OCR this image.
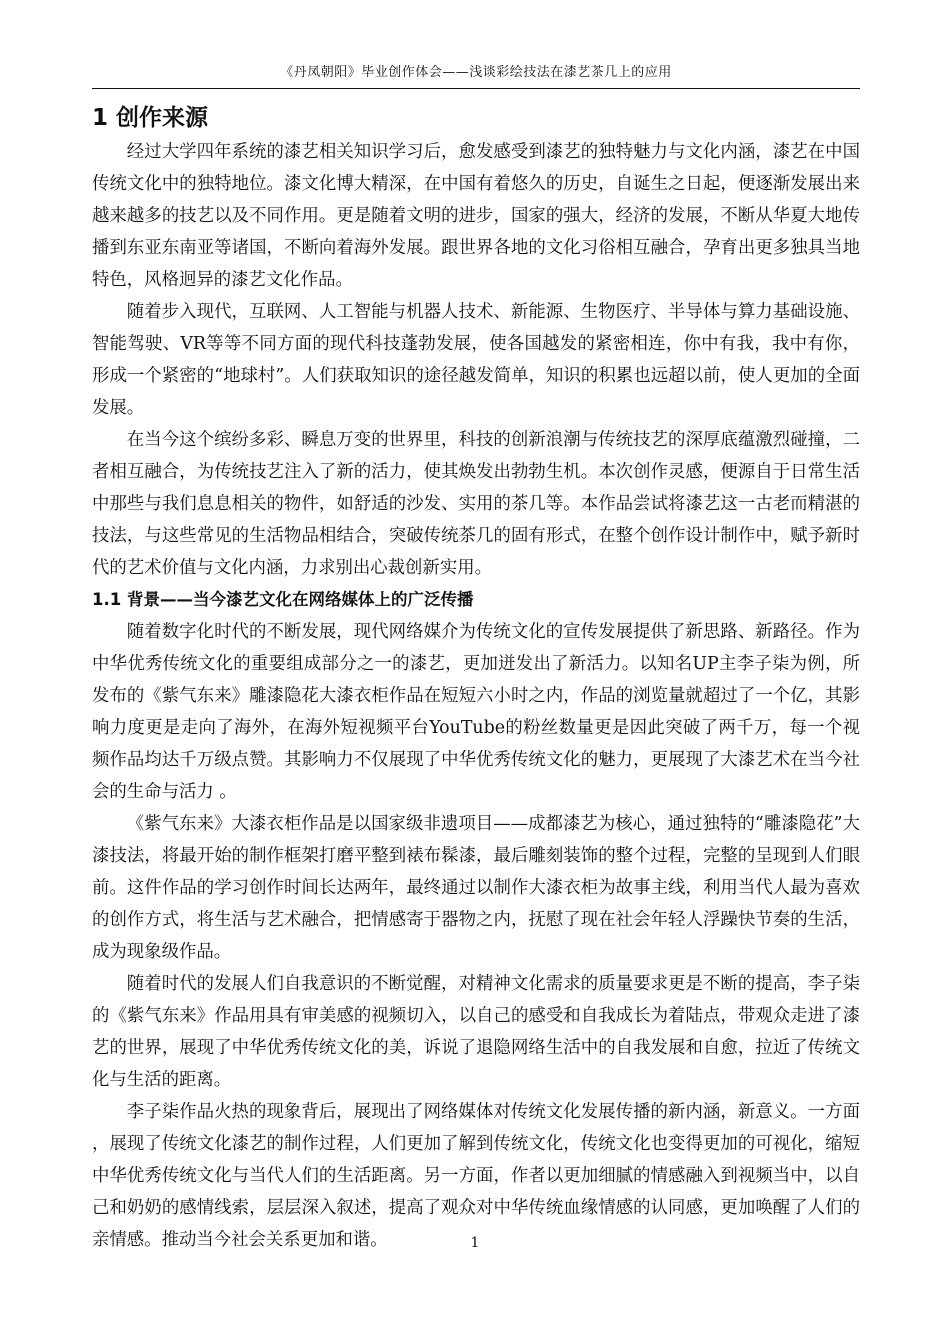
《丹凤朝阳》毕业创作体会——浅谈彩绘技法在漆艺茶几上的应用
1 创作来源

经过大学四年系统的漆艺相关知识学习后，愈发感受到漆艺的独特魅力与文化内涵，漆艺在中国传统文化中的独特地位。漆文化博大精深，在中国有着悠久的历史，自诞生之日起，便逐渐发展出来越来越多的技艺以及不同作用。更是随着文明的进步，国家的强大，经济的发展，不断从华夏大地传播到东亚东南亚等诸国，不断向着海外发展。跟世界各地的文化习俗相互融合，孕育出更多独具当地特色，风格迥异的漆艺文化作品。

随着步入现代，互联网、人工智能与机器人技术、新能源、生物医疗、半导体与算力基础设施、智能驾驶、VR等等不同方面的现代科技蓬勃发展，使各国越发的紧密相连，你中有我，我中有你，形成一个紧密的“地球村”。人们获取知识的途径越发简单，知识的积累也远超以前，使人更加的全面发展。

在当今这个缤纷多彩、瞬息万变的世界里，科技的创新浪潮与传统技艺的深厚底蕴激烈碰撞，二者相互融合，为传统技艺注入了新的活力，使其焕发出勃勃生机。本次创作灵感，便源自于日常生活中那些与我们息息相关的物件，如舒适的沙发、实用的茶几等。本作品尝试将漆艺这一古老而精湛的技法，与这些常见的生活物品相结合，突破传统茶几的固有形式，在整个创作设计制作中，赋予新时代的艺术价值与文化内涵，力求别出心裁创新实用。

1.1 背景——当今漆艺文化在网络媒体上的广泛传播

随着数字化时代的不断发展，现代网络媒介为传统文化的宣传发展提供了新思路、新路径。作为中华优秀传统文化的重要组成部分之一的漆艺，更加迸发出了新活力。以知名UP主李子柒为例，所发布的《紫气东来》雕漆隐花大漆衣柜作品在短短六小时之内，作品的浏览量就超过了一个亿，其影响力度更是走向了海外，在海外短视频平台YouTube的粉丝数量更是因此突破了两千万，每一个视频作品均达千万级点赞。其影响力不仅展现了中华优秀传统文化的魅力，更展现了大漆艺术在当今社会的生命与活力 。

《紫气东来》大漆衣柜作品是以国家级非遗项目——成都漆艺为核心，通过独特的“雕漆隐花”大漆技法，将最开始的制作框架打磨平整到裱布髹漆，最后雕刻装饰的整个过程，完整的呈现到人们眼前。这件作品的学习创作时间长达两年，最终通过以制作大漆衣柜为故事主线，利用当代人最为喜欢的创作方式，将生活与艺术融合，把情感寄于器物之内，抚慰了现在社会年轻人浮躁快节奏的生活，成为现象级作品。

随着时代的发展人们自我意识的不断觉醒，对精神文化需求的质量要求更是不断的提高，李子柒的《紫气东来》作品用具有审美感的视频切入，以自己的感受和自我成长为着陆点，带观众走进了漆艺的世界，展现了中华优秀传统文化的美，诉说了退隐网络生活中的自我发展和自愈，拉近了传统文化与生活的距离。

李子柒作品火热的现象背后，展现出了网络媒体对传统文化发展传播的新内涵，新意义。一方面 ，展现了传统文化漆艺的制作过程，人们更加了解到传统文化，传统文化也变得更加的可视化，缩短中华优秀传统文化与当代人们的生活距离。另一方面，作者以更加细腻的情感融入到视频当中，以自己和奶奶的感情线索，层层深入叙述，提高了观众对中华传统血缘情感的认同感，更加唤醒了人们的亲情感。推动当今社会关系更加和谐。	1
